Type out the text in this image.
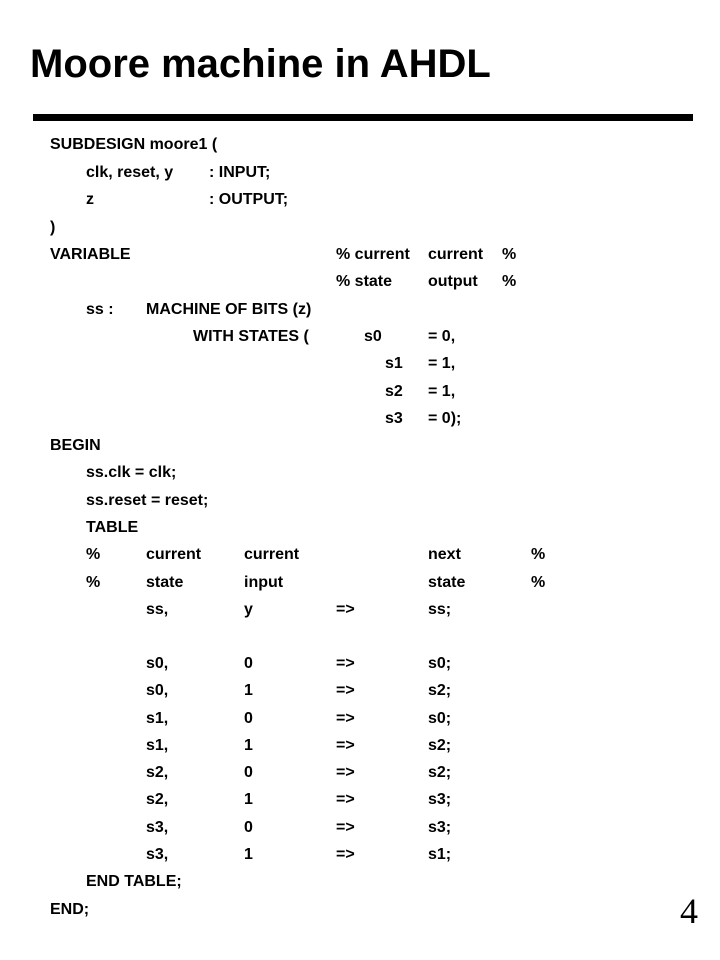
Moore machine in AHDL
SUBDESIGN moore1 (
clk, reset, y : INPUT;
z	: OUTPUT;
)
VARIABLE	% current current %
% state output %
ss : MACHINE OF BITS (z)
WITH STATES (	s0	= 0,
s1 = 1,
s2 = 1,
s3 = 0);
BEGIN
ss.clk = clk;
ss.reset = reset;
TABLE
%	current	current	next	%
%	state	input	state	%
ss,	y	=>	ss;
s0,	0	=>	s0;
s0,	1	=>	s2;
s1,	0	=>	s0;
s1,	1	=>	s2;
s2,	0	=>	s2;
s2,	1	=>	s3;
s3,	0	=>	s3;
s3,	1	=>	s1;
END TABLE;
END;	4
